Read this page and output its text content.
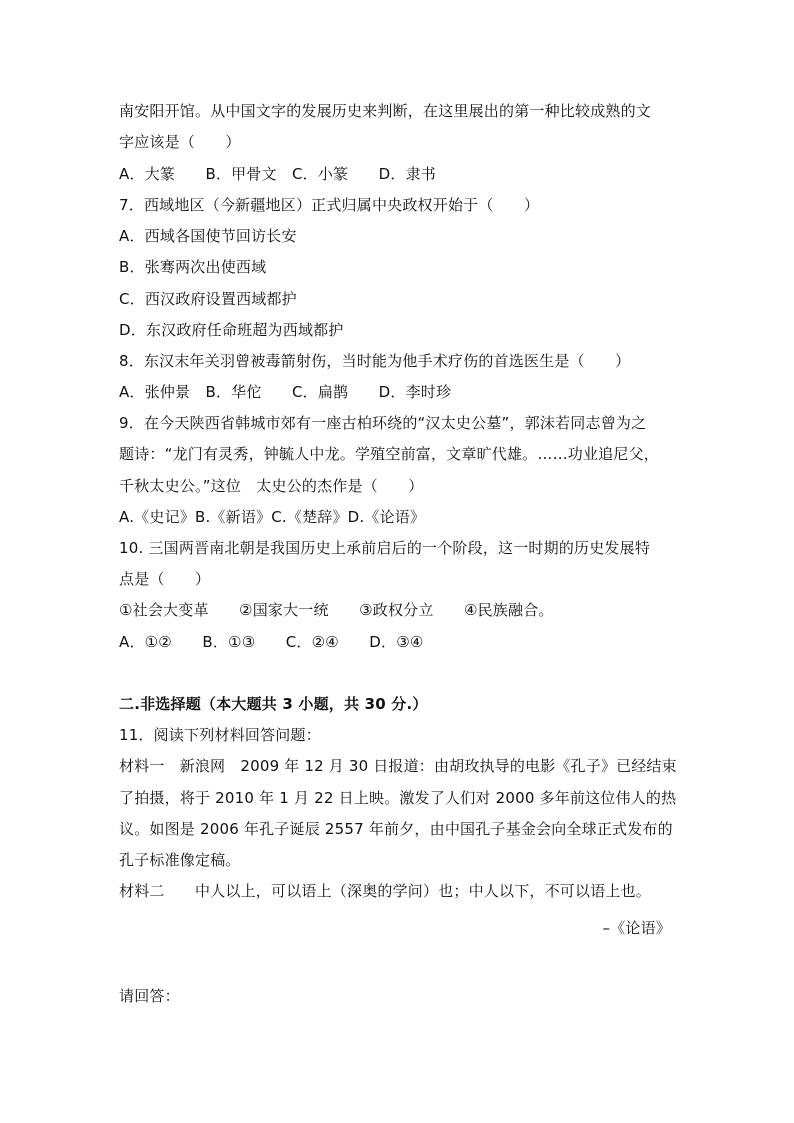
南安阳开馆。从中国文字的发展历史来判断，在这里展出的第一种比较成熟的文
字应该是（　　）
A．大篆　　B．甲骨文　C．小篆　　D．隶书
7．西域地区（今新疆地区）正式归属中央政权开始于（　　）
A．西域各国使节回访长安
B．张骞两次出使西域
C．西汉政府设置西域都护
D．东汉政府任命班超为西域都护
8．东汉末年关羽曾被毒箭射伤，当时能为他手术疗伤的首选医生是（　　）
A．张仲景　B．华佗　　C．扁鹊　　D．李时珍
9．在今天陕西省韩城市郊有一座古柏环绕的“汉太史公墓”，郭沫若同志曾为之
题诗：“龙门有灵秀，钟毓人中龙。学殖空前富，文章旷代雄。……功业追尼父，
千秋太史公。”这位　太史公的杰作是（　　）
A.《史记》B.《新语》C.《楚辞》D.《论语》
10. 三国两晋南北朝是我国历史上承前启后的一个阶段，这一时期的历史发展特
点是（　　）
①社会大变革　　②国家大一统　　③政权分立　　④民族融合。
A．①②　　B．①③　　C．②④　　D．③④
二.非选择题（本大题共 3 小题，共 30 分.）
11．阅读下列材料回答问题：
材料一　新浪网　2009 年 12 月 30 日报道：由胡玫执导的电影《孔子》已经结束
了拍摄，将于 2010 年 1 月 22 日上映。激发了人们对 2000 多年前这位伟人的热
议。如图是 2006 年孔子诞辰 2557 年前夕，由中国孔子基金会向全球正式发布的
孔子标准像定稿。
材料二　　中人以上，可以语上（深奥的学问）也；中人以下，不可以语上也。
–《论语》
请回答：
